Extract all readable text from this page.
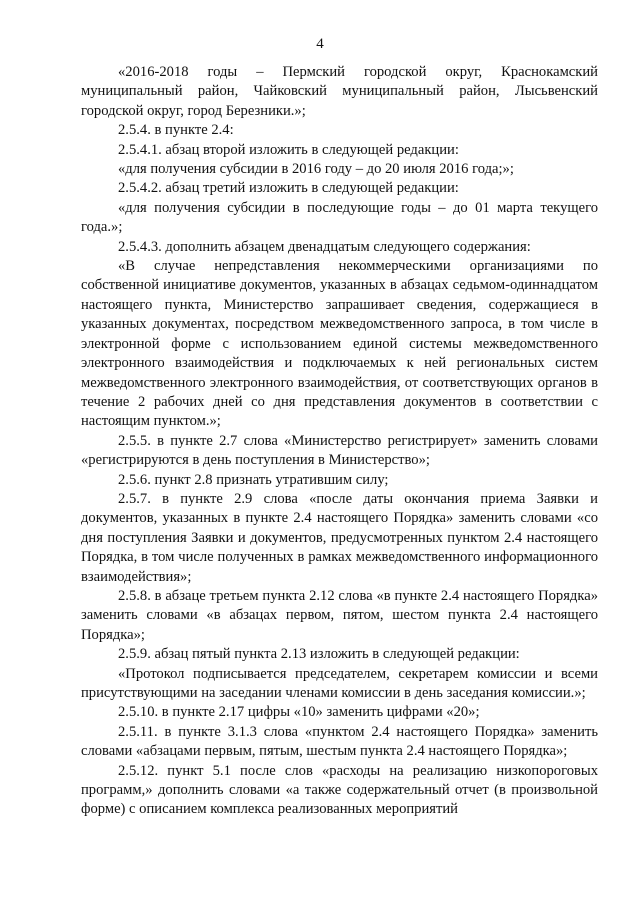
4

«2016-2018 годы – Пермский городской округ, Краснокамский муниципальный район, Чайковский муниципальный район, Лысьвенский городской округ, город Березники.»;

2.5.4. в пункте 2.4:

2.5.4.1. абзац второй изложить в следующей редакции:

«для получения субсидии в 2016 году – до 20 июля 2016 года;»;

2.5.4.2. абзац третий изложить в следующей редакции:

«для получения субсидии в последующие годы – до 01 марта текущего года.»;

2.5.4.3. дополнить абзацем двенадцатым следующего содержания:

«В случае непредставления некоммерческими организациями по собственной инициативе документов, указанных в абзацах седьмом-одиннадцатом настоящего пункта, Министерство запрашивает сведения, содержащиеся в указанных документах, посредством межведомственного запроса, в том числе в электронной форме с использованием единой системы межведомственного электронного взаимодействия и подключаемых к ней региональных систем межведомственного электронного взаимодействия, от соответствующих органов в течение 2 рабочих дней со дня представления документов в соответствии с настоящим пунктом.»;

2.5.5. в пункте 2.7 слова «Министерство регистрирует» заменить словами «регистрируются в день поступления в Министерство»;

2.5.6. пункт 2.8 признать утратившим силу;

2.5.7. в пункте 2.9 слова «после даты окончания приема Заявки и документов, указанных в пункте 2.4 настоящего Порядка» заменить словами «со дня поступления Заявки и документов, предусмотренных пунктом 2.4 настоящего Порядка, в том числе полученных в рамках межведомственного информационного взаимодействия»;

2.5.8. в абзаце третьем пункта 2.12 слова «в пункте 2.4 настоящего Порядка» заменить словами «в абзацах первом, пятом, шестом пункта 2.4 настоящего Порядка»;

2.5.9. абзац пятый пункта 2.13 изложить в следующей редакции:

«Протокол подписывается председателем, секретарем комиссии и всеми присутствующими на заседании членами комиссии в день заседания комиссии.»;

2.5.10. в пункте 2.17 цифры «10» заменить цифрами «20»;

2.5.11. в пункте 3.1.3 слова «пунктом 2.4 настоящего Порядка» заменить словами «абзацами первым, пятым, шестым пункта 2.4 настоящего Порядка»;

2.5.12. пункт 5.1 после слов «расходы на реализацию низкопороговых программ,» дополнить словами «а также содержательный отчет (в произвольной форме) с описанием комплекса реализованных мероприятий
